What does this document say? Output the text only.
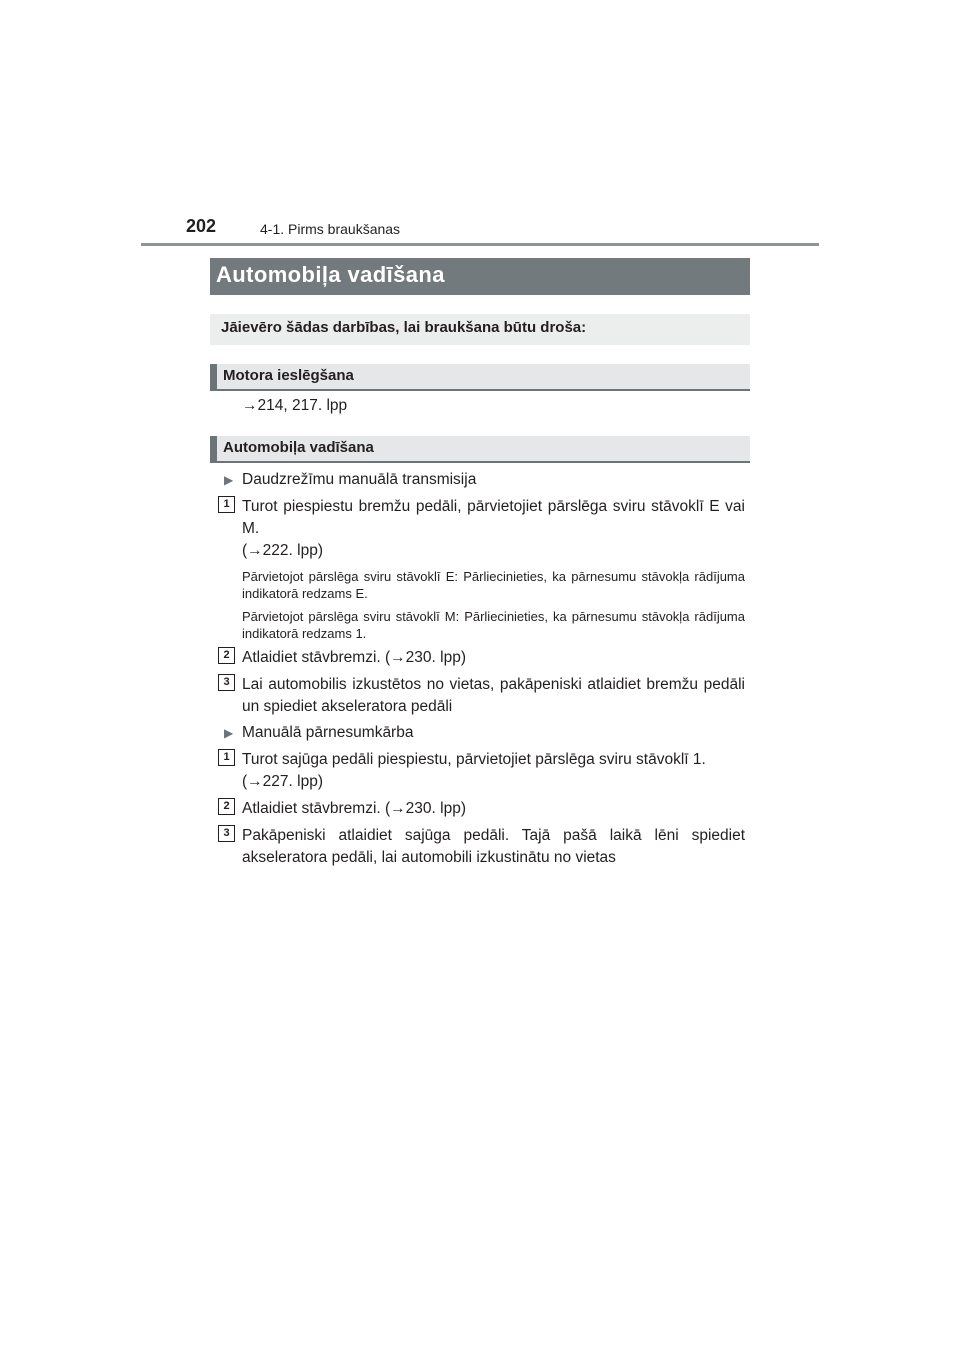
202	4-1. Pirms braukšanas
Automobiļa vadīšana
Jāievēro šādas darbības, lai braukšana būtu droša:
Motora ieslēgšana
→214, 217. lpp
Automobiļa vadīšana
▶ Daudzrežīmu manuālā transmisija
1 Turot piespiestu bremžu pedāli, pārvietojiet pārslēga sviru stāvoklī E vai M.
(→222. lpp)
Pārvietojot pārslēga sviru stāvoklī E: Pārliecinieties, ka pārnesumu stāvokļa rādījuma indikatorā redzams E.
Pārvietojot pārslēga sviru stāvoklī M: Pārliecinieties, ka pārnesumu stāvokļa rādījuma indikatorā redzams 1.
2 Atlaidiet stāvbremzi. (→230. lpp)
3 Lai automobilis izkustētos no vietas, pakāpeniski atlaidiet bremžu pedāli un spiediet akseleratora pedāli
▶ Manuālā pārnesumkārba
1 Turot sajūga pedāli piespiestu, pārvietojiet pārslēga sviru stāvoklī 1.
(→227. lpp)
2 Atlaidiet stāvbremzi. (→230. lpp)
3 Pakāpeniski atlaidiet sajūga pedāli. Tajā pašā laikā lēni spiediet akseleratora pedāli, lai automobili izkustinātu no vietas
